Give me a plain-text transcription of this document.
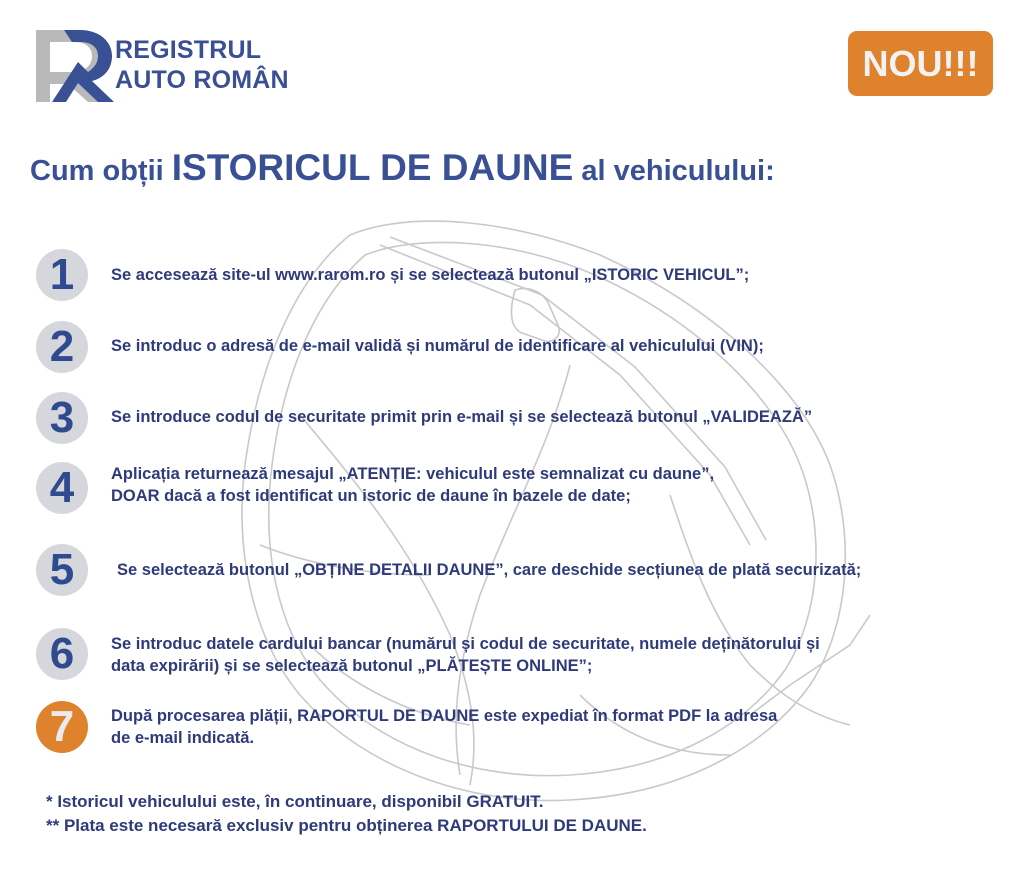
REGISTRUL
AUTO ROMÂN	NOU!!!
Cum obții ISTORICUL DE DAUNE al vehiculului:
1	Se accesează site-ul www.rarom.ro și se selectează butonul „ISTORIC VEHICUL”;
2	Se introduc o adresă de e-mail validă și numărul de identificare al vehiculului (VIN);
3	Se introduce codul de securitate primit prin e-mail și se selectează butonul „VALIDEAZĂ”
4	Aplicația returnează mesajul „ATENȚIE: vehiculul este semnalizat cu daune”,
DOAR dacă a fost identificat un istoric de daune în bazele de date;
5	Se selectează butonul „OBȚINE DETALII DAUNE”, care deschide secțiunea de plată securizată;
6	Se introduc datele cardului bancar (numărul și codul de securitate, numele deținătorului și
data expirării) și se selectează butonul „PLĂTEȘTE ONLINE”;
7	După procesarea plății, RAPORTUL DE DAUNE este expediat în format PDF la adresa
de e-mail indicată.
* Istoricul vehiculului este, în continuare, disponibil GRATUIT.
** Plata este necesară exclusiv pentru obținerea RAPORTULUI DE DAUNE.
